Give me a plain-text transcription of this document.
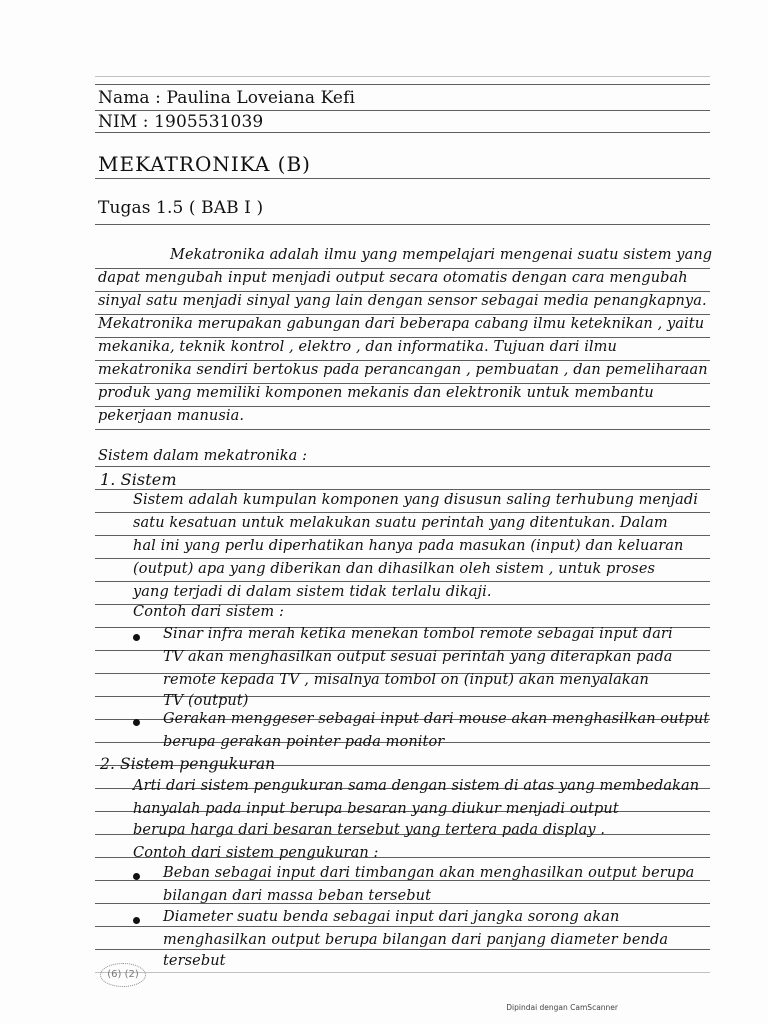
Nama : Paulina Loveiana Kefi
NIM : 1905531039
MEKATRONIKA (B)
Tugas 1.5 ( BAB I )
Mekatronika adalah ilmu yang mempelajari mengenai suatu sistem yang
dapat mengubah input menjadi output secara otomatis dengan cara mengubah
sinyal satu menjadi sinyal yang lain dengan sensor sebagai media penangkapnya.
Mekatronika merupakan gabungan dari beberapa cabang ilmu keteknikan , yaitu
mekanika, teknik kontrol , elektro , dan informatika. Tujuan dari ilmu
mekatronika sendiri bertokus pada perancangan , pembuatan , dan pemeliharaan
produk yang memiliki komponen mekanis dan elektronik untuk membantu
pekerjaan manusia.
Sistem dalam mekatronika :
1. Sistem
Sistem adalah kumpulan komponen yang disusun saling terhubung menjadi
satu kesatuan untuk melakukan suatu perintah yang ditentukan. Dalam
hal ini yang perlu diperhatikan hanya pada masukan (input) dan keluaran
(output) apa yang diberikan dan dihasilkan oleh sistem , untuk proses
yang terjadi di dalam sistem tidak terlalu dikaji.
Contoh dari sistem :
Sinar infra merah ketika menekan tombol remote sebagai input dari
TV akan menghasilkan output sesuai perintah yang diterapkan pada
remote kepada TV , misalnya tombol on (input) akan menyalakan
TV (output)
Gerakan menggeser sebagai input dari mouse akan menghasilkan output
berupa gerakan pointer pada monitor
2. Sistem pengukuran
Arti dari sistem pengukuran sama dengan sistem di atas yang membedakan
hanyalah pada input berupa besaran yang diukur menjadi output
berupa harga dari besaran tersebut yang tertera pada display .
Contoh dari sistem pengukuran :
Beban sebagai input dari timbangan akan menghasilkan output berupa
bilangan dari massa beban tersebut
Diameter suatu benda sebagai input dari jangka sorong akan
menghasilkan output berupa bilangan dari panjang diameter benda
tersebut
(6) (2)
Dipindai dengan CamScanner
